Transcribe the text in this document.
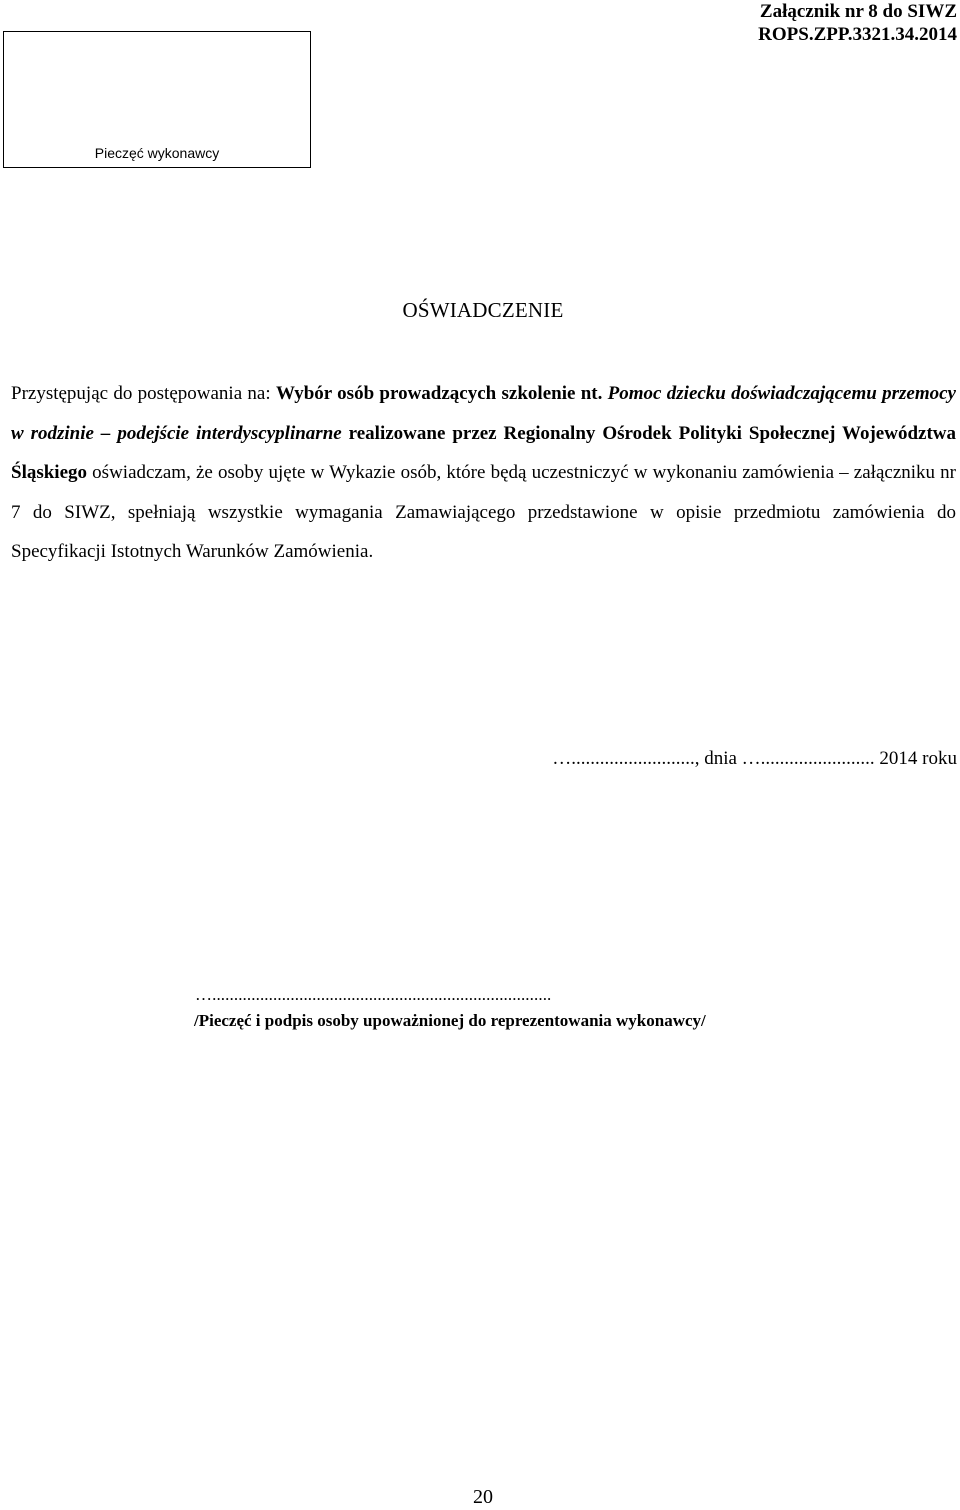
Załącznik nr 8 do SIWZ
ROPS.ZPP.3321.34.2014
Pieczęć wykonawcy
OŚWIADCZENIE

Przystępując do postępowania na: Wybór osób prowadzących szkolenie nt. Pomoc dziecku doświadczającemu przemocy w rodzinie – podejście interdyscyplinarne realizowane przez Regionalny Ośrodek Polityki Społecznej Województwa Śląskiego oświadczam, że osoby ujęte w Wykazie osób, które będą uczestniczyć w wykonaniu zamówienia – załączniku nr 7 do SIWZ, spełniają wszystkie wymagania Zamawiającego przedstawione w opisie przedmiotu zamówienia do Specyfikacji Istotnych Warunków Zamówienia.

….........................., dnia …........................ 2014 roku
…..............................................................................
/Pieczęć i podpis osoby upoważnionej do reprezentowania wykonawcy/
20
